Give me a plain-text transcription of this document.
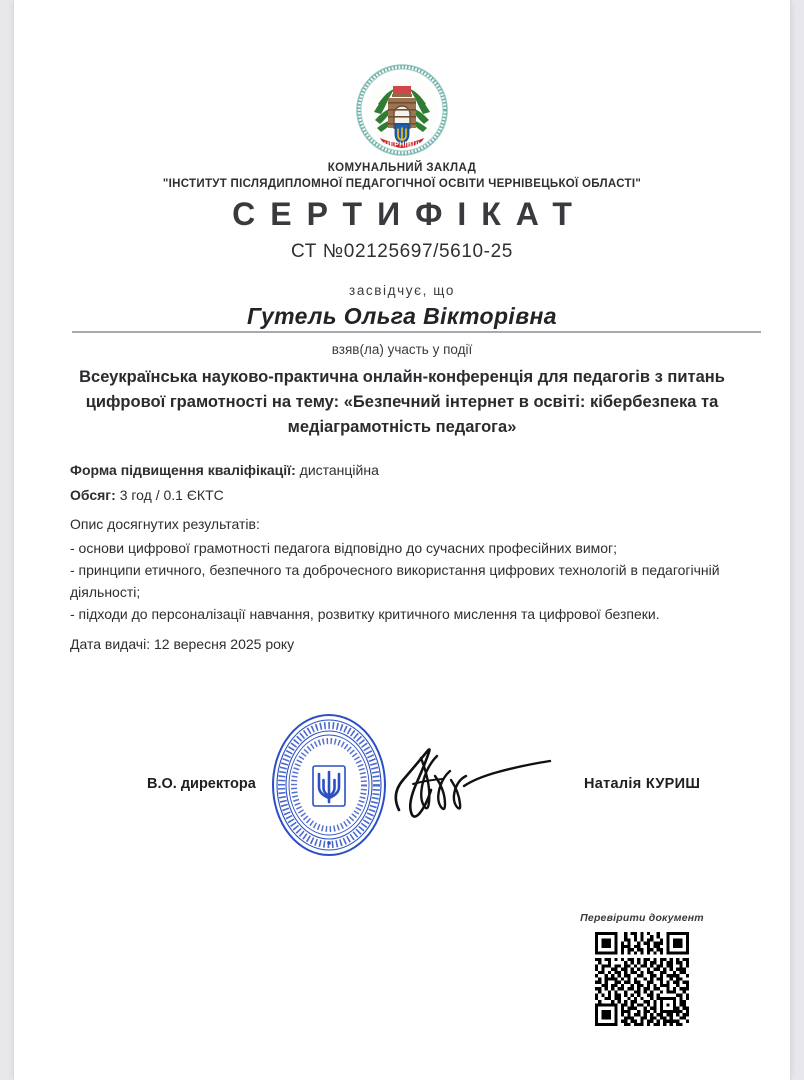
ЧЕРНІВЦІ
КОМУНАЛЬНИЙ ЗАКЛАД
"ІНСТИТУТ ПІСЛЯДИПЛОМНОЇ ПЕДАГОГІЧНОЇ ОСВІТИ ЧЕРНІВЕЦЬКОЇ ОБЛАСТІ"
СЕРТИФІКАТ
СТ №02125697/5610-25
засвідчує, що
Гутель Ольга Вікторівна
взяв(ла) участь у події
Всеукраїнська науково-практична онлайн-конференція для педагогів з питань цифрової грамотності на тему: «Безпечний інтернет в освіті: кібербезпека та медіаграмотність педагога»
Форма підвищення кваліфікації: дистанційна
Обсяг: 3 год / 0.1 ЄКТС
Опис досягнутих результатів:
- основи цифрової грамотності педагога відповідно до сучасних професійних вимог;
- принципи етичного, безпечного та доброчесного використання цифрових технологій в педагогічній діяльності;
- підходи до персоналізації навчання, розвитку критичного мислення та цифрової безпеки.
Дата видачі: 12 вересня 2025 року
В.О. директора	Наталія КУРИШ
Перевірити документ
